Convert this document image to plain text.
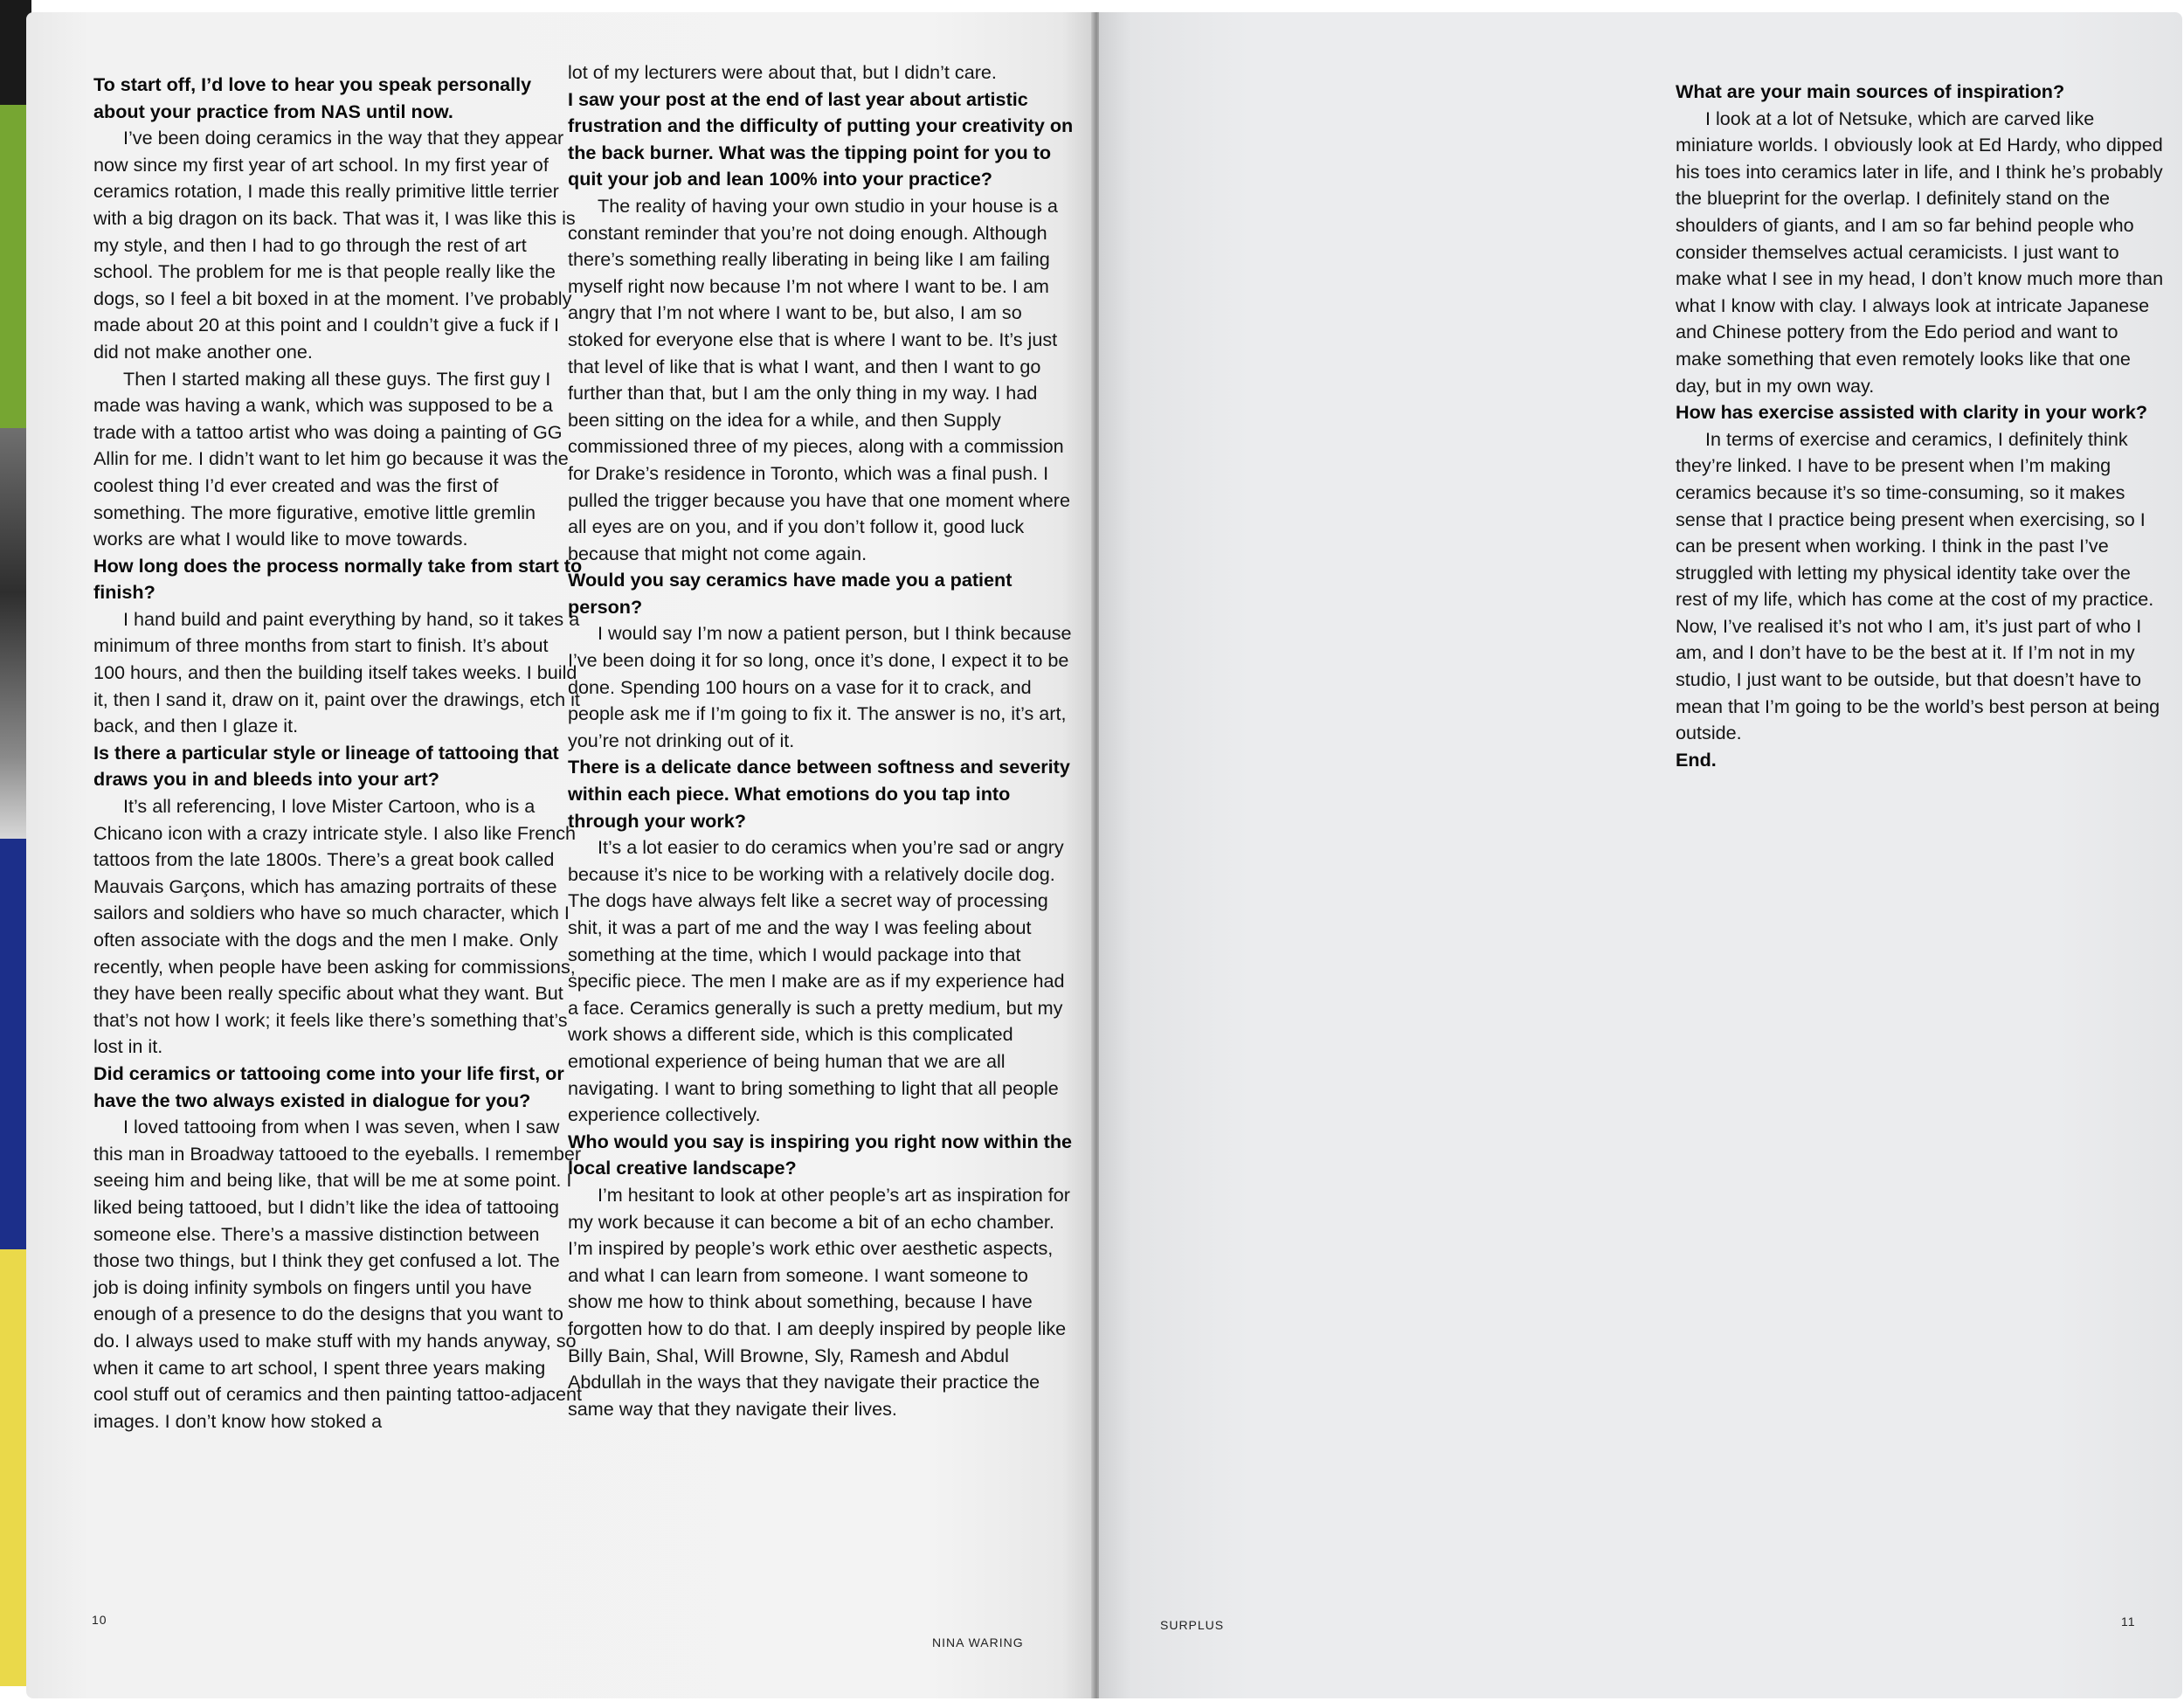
To start off, I’d love to hear you speak personally about your practice from NAS until now.

I’ve been doing ceramics in the way that they appear now since my first year of art school. In my first year of ceramics rotation, I made this really primitive little terrier with a big dragon on its back. That was it, I was like this is my style, and then I had to go through the rest of art school. The problem for me is that people really like the dogs, so I feel a bit boxed in at the moment. I’ve probably made about 20 at this point and I couldn’t give a fuck if I did not make another one.

Then I started making all these guys. The first guy I made was having a wank, which was supposed to be a trade with a tattoo artist who was doing a painting of GG Allin for me. I didn’t want to let him go because it was the coolest thing I’d ever created and was the first of something. The more figurative, emotive little gremlin works are what I would like to move towards.

How long does the process normally take from start to finish?

I hand build and paint everything by hand, so it takes a minimum of three months from start to finish. It’s about 100 hours, and then the building itself takes weeks. I build it, then I sand it, draw on it, paint over the drawings, etch it back, and then I glaze it.

Is there a particular style or lineage of tattooing that draws you in and bleeds into your art?

It’s all referencing, I love Mister Cartoon, who is a Chicano icon with a crazy intricate style. I also like French tattoos from the late 1800s. There’s a great book called Mauvais Garçons, which has amazing portraits of these sailors and soldiers who have so much character, which I often associate with the dogs and the men I make. Only recently, when people have been asking for commissions, they have been really specific about what they want. But that’s not how I work; it feels like there’s something that’s lost in it.

Did ceramics or tattooing come into your life first, or have the two always existed in dialogue for you?

I loved tattooing from when I was seven, when I saw this man in Broadway tattooed to the eyeballs. I remember seeing him and being like, that will be me at some point. I liked being tattooed, but I didn’t like the idea of tattooing someone else. There’s a massive distinction between those two things, but I think they get confused a lot. The job is doing infinity symbols on fingers until you have enough of a presence to do the designs that you want to do. I always used to make stuff with my hands anyway, so when it came to art school, I spent three years making cool stuff out of ceramics and then painting tattoo-adjacent images. I don’t know how stoked a

lot of my lecturers were about that, but I didn’t care.

I saw your post at the end of last year about artistic frustration and the difficulty of putting your creativity on the back burner. What was the tipping point for you to quit your job and lean 100% into your practice?

The reality of having your own studio in your house is a constant reminder that you’re not doing enough. Although there’s something really liberating in being like I am failing myself right now because I’m not where I want to be. I am angry that I’m not where I want to be, but also, I am so stoked for everyone else that is where I want to be. It’s just that level of like that is what I want, and then I want to go further than that, but I am the only thing in my way. I had been sitting on the idea for a while, and then Supply commissioned three of my pieces, along with a commission for Drake’s residence in Toronto, which was a final push. I pulled the trigger because you have that one moment where all eyes are on you, and if you don’t follow it, good luck because that might not come again.

Would you say ceramics have made you a patient person?

I would say I’m now a patient person, but I think because I’ve been doing it for so long, once it’s done, I expect it to be done. Spending 100 hours on a vase for it to crack, and people ask me if I’m going to fix it. The answer is no, it’s art, you’re not drinking out of it.

There is a delicate dance between softness and severity within each piece. What emotions do you tap into through your work?

It’s a lot easier to do ceramics when you’re sad or angry because it’s nice to be working with a relatively docile dog. The dogs have always felt like a secret way of processing shit, it was a part of me and the way I was feeling about something at the time, which I would package into that specific piece. The men I make are as if my experience had a face. Ceramics generally is such a pretty medium, but my work shows a different side, which is this complicated emotional experience of being human that we are all navigating. I want to bring something to light that all people experience collectively.

Who would you say is inspiring you right now within the local creative landscape?

I’m hesitant to look at other people’s art as inspiration for my work because it can become a bit of an echo chamber. I’m inspired by people’s work ethic over aesthetic aspects, and what I can learn from someone. I want someone to show me how to think about something, because I have forgotten how to do that. I am deeply inspired by people like Billy Bain, Shal, Will Browne, Sly, Ramesh and Abdul Abdullah in the ways that they navigate their practice the same way that they navigate their lives.

10
NINA WARING

What are your main sources of inspiration?

I look at a lot of Netsuke, which are carved like miniature worlds. I obviously look at Ed Hardy, who dipped his toes into ceramics later in life, and I think he’s probably the blueprint for the overlap. I definitely stand on the shoulders of giants, and I am so far behind people who consider themselves actual ceramicists. I just want to make what I see in my head, I don’t know much more than what I know with clay. I always look at intricate Japanese and Chinese pottery from the Edo period and want to make something that even remotely looks like that one day, but in my own way.

How has exercise assisted with clarity in your work?

In terms of exercise and ceramics, I definitely think they’re linked. I have to be present when I’m making ceramics because it’s so time-consuming, so it makes sense that I practice being present when exercising, so I can be present when working. I think in the past I’ve struggled with letting my physical identity take over the rest of my life, which has come at the cost of my practice. Now, I’ve realised it’s not who I am, it’s just part of who I am, and I don’t have to be the best at it. If I’m not in my studio, I just want to be outside, but that doesn’t have to mean that I’m going to be the world’s best person at being outside.

End.

SURPLUS	11
